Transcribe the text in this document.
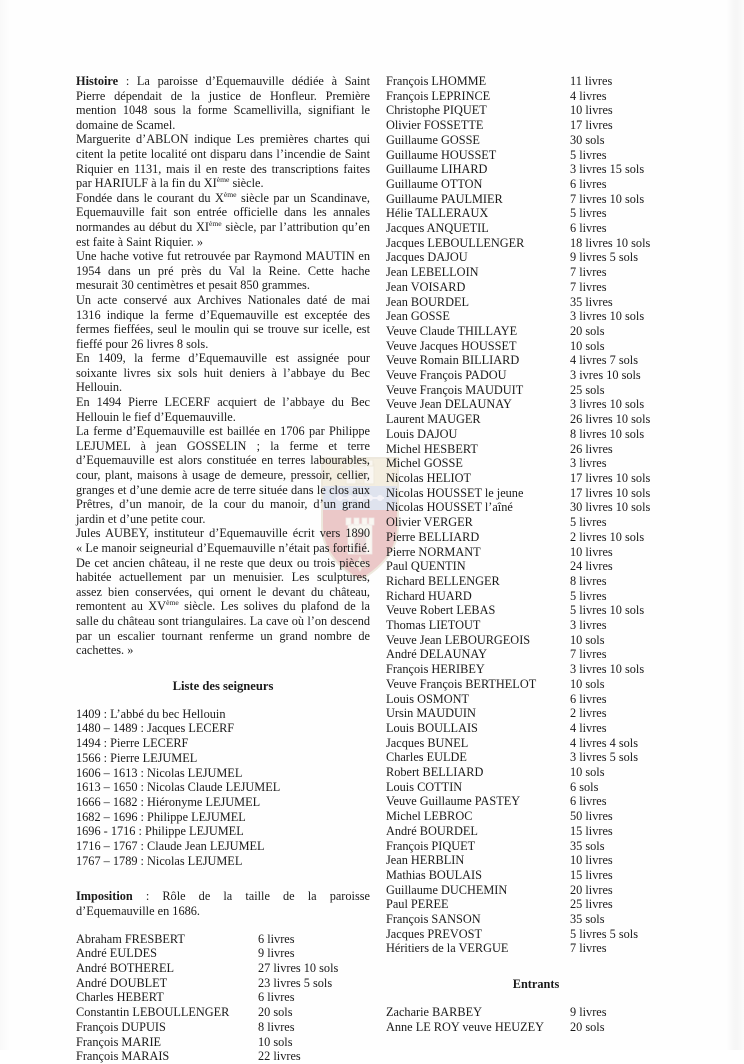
Histoire : La paroisse d’Equemauville dédiée à Saint Pierre dépendait de la justice de Honfleur. Première mention 1048 sous la forme Scamellivilla, signifiant le domaine de Scamel.

Marguerite d’ABLON indique Les premières chartes qui citent la petite localité ont disparu dans l’incendie de Saint Riquier en 1131, mais il en reste des transcriptions faites par HARIULF à la fin du XIème siècle.

Fondée dans le courant du Xème siècle par un Scandinave, Equemauville fait son entrée officielle dans les annales normandes au début du XIème siècle, par l’attribution qu’en est faite à Saint Riquier. »

Une hache votive fut retrouvée par Raymond MAUTIN en 1954 dans un pré près du Val la Reine. Cette hache mesurait 30 centimètres et pesait 850 grammes.

Un acte conservé aux Archives Nationales daté de mai 1316 indique la ferme d’Equemauville est exceptée des fermes fieffées, seul le moulin qui se trouve sur icelle, est fieffé pour 26 livres 8 sols.

En 1409, la ferme d’Equemauville est assignée pour soixante livres six sols huit deniers à l’abbaye du Bec Hellouin.

En 1494 Pierre LECERF acquiert de l’abbaye du Bec Hellouin le fief d’Equemauville.

La ferme d’Equemauville est baillée en 1706 par Philippe LEJUMEL à jean GOSSELIN ; la ferme et terre d’Equemauville est alors constituée en terres labourables, cour, plant, maisons à usage de demeure, pressoir, cellier, granges et d’une demie acre de terre située dans le clos aux Prêtres, d’un manoir, de la cour du manoir, d’un grand jardin et d’une petite cour.

Jules AUBEY, instituteur d’Equemauville écrit vers 1890 « Le manoir seigneurial d’Equemauville n’était pas fortifié. De cet ancien château, il ne reste que deux ou trois pièces habitée actuellement par un menuisier. Les sculptures, assez bien conservées, qui ornent le devant du château, remontent au XVème siècle. Les solives du plafond de la salle du château sont triangulaires. La cave où l’on descend par un escalier tournant renferme un grand nombre de cachettes. »

Liste des seigneurs
1409 : L’abbé du bec Hellouin
1480 – 1489 : Jacques LECERF
1494 : Pierre LECERF
1566 : Pierre LEJUMEL
1606 – 1613 : Nicolas LEJUMEL
1613 – 1650 : Nicolas Claude LEJUMEL
1666 – 1682 : Hiéronyme LEJUMEL
1682 – 1696 : Philippe LEJUMEL
1696 - 1716 : Philippe LEJUMEL
1716 – 1767 : Claude Jean LEJUMEL
1767 – 1789 : Nicolas LEJUMEL

Imposition : Rôle de la taille de la paroisse d’Equemauville en 1686.

Abraham FRESBERT	6 livres
André EULDES	9 livres
André BOTHEREL	27 livres 10 sols
André DOUBLET	23 livres 5 sols
Charles HEBERT	6 livres
Constantin LEBOULLENGER	20 sols
François DUPUIS	8 livres
François MARIE	10 sols
François MARAIS	22 livres
François LHOMME	11 livres
François LEPRINCE	4 livres
Christophe PIQUET	10 livres
Olivier FOSSETTE	17 livres
Guillaume GOSSE	30 sols
Guillaume HOUSSET	5 livres
Guillaume LIHARD	3 livres 15 sols
Guillaume OTTON	6 livres
Guillaume PAULMIER	7 livres 10 sols
Hélie TALLERAUX	5 livres
Jacques ANQUETIL	6 livres
Jacques LEBOULLENGER	18 livres 10 sols
Jacques DAJOU	9 livres 5 sols
Jean LEBELLOIN	7 livres
Jean VOISARD	7 livres
Jean BOURDEL	35 livres
Jean GOSSE	3 livres 10 sols
Veuve Claude THILLAYE	20 sols
Veuve Jacques HOUSSET	10 sols
Veuve Romain BILLIARD	4 livres 7 sols
Veuve François PADOU	3 ivres 10 sols
Veuve François MAUDUIT	25 sols
Veuve Jean DELAUNAY	3 livres 10 sols
Laurent MAUGER	26 livres 10 sols
Louis DAJOU	8 livres 10 sols
Michel HESBERT	26 livres
Michel GOSSE	3 livres
Nicolas HELIOT	17 livres 10 sols
Nicolas HOUSSET le jeune	17 livres 10 sols
Nicolas HOUSSET l’aîné	30 livres 10 sols
Olivier VERGER	5 livres
Pierre BELLIARD	2 livres 10 sols
Pierre NORMANT	10 livres
Paul QUENTIN	24 livres
Richard BELLENGER	8 livres
Richard HUARD	5 livres
Veuve Robert LEBAS	5 livres 10 sols
Thomas LIETOUT	3 livres
Veuve Jean LEBOURGEOIS	10 sols
André DELAUNAY	7 livres
François HERIBEY	3 livres 10 sols
Veuve François BERTHELOT	10 sols
Louis OSMONT	6 livres
Ursin MAUDUIN	2 livres
Louis BOULLAIS	4 livres
Jacques BUNEL	4 livres 4 sols
Charles EULDE	3 livres 5 sols
Robert BELLIARD	10 sols
Louis COTTIN	6 sols
Veuve Guillaume PASTEY	6 livres
Michel LEBROC	50 livres
André BOURDEL	15 livres
François PIQUET	35 sols
Jean HERBLIN	10 livres
Mathias BOULAIS	15 livres
Guillaume DUCHEMIN	20 livres
Paul PEREE	25 livres
François SANSON	35 sols
Jacques PREVOST	5 livres 5 sols
Héritiers de la VERGUE	7 livres
Entrants
Zacharie BARBEY	9 livres
Anne LE ROY veuve HEUZEY	20 sols
